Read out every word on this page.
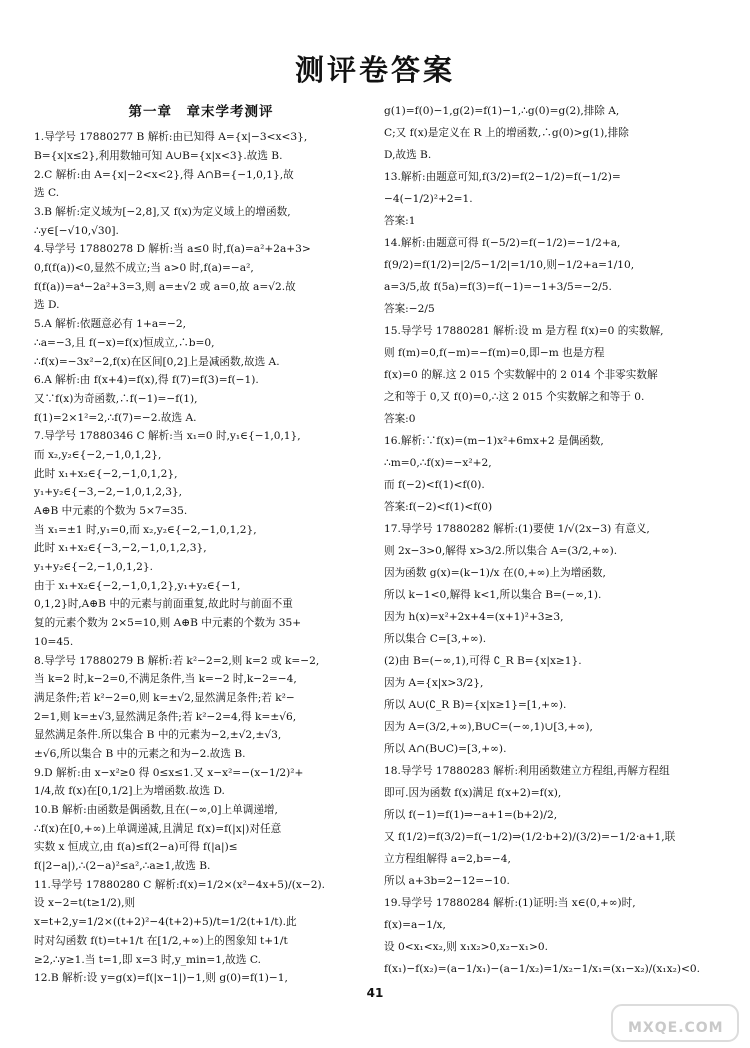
测评卷答案
第一章　章末学考测评
1.导学号 17880277 B 解析:由已知得 A={x|−3<x<3},
B={x|x≤2},利用数轴可知 A∪B={x|x<3}.故选 B.
2.C 解析:由 A={x|−2<x<2},得 A∩B={−1,0,1},故
选 C.
3.B 解析:定义域为[−2,8],又 f(x)为定义域上的增函数,
∴y∈[−√10,√30].
4.导学号 17880278 D 解析:当 a≤0 时,f(a)=a²+2a+3>
0,f(f(a))<0,显然不成立;当 a>0 时,f(a)=−a²,
f(f(a))=a⁴−2a²+3=3,则 a=±√2 或 a=0,故 a=√2.故
选 D.
5.A 解析:依题意必有 1+a=−2,
∴a=−3,且 f(−x)=f(x)恒成立,∴b=0,
∴f(x)=−3x²−2,f(x)在区间[0,2]上是减函数,故选 A.
6.A 解析:由 f(x+4)=f(x),得 f(7)=f(3)=f(−1).
又∵f(x)为奇函数,∴f(−1)=−f(1),
f(1)=2×1²=2,∴f(7)=−2.故选 A.
7.导学号 17880346 C 解析:当 x₁=0 时,y₁∈{−1,0,1},
而 x₂,y₂∈{−2,−1,0,1,2},
此时 x₁+x₂∈{−2,−1,0,1,2},
y₁+y₂∈{−3,−2,−1,0,1,2,3},
A⊕B 中元素的个数为 5×7=35.
当 x₁=±1 时,y₁=0,而 x₂,y₂∈{−2,−1,0,1,2},
此时 x₁+x₂∈{−3,−2,−1,0,1,2,3},
y₁+y₂∈{−2,−1,0,1,2}.
由于 x₁+x₂∈{−2,−1,0,1,2},y₁+y₂∈{−1,
0,1,2}时,A⊕B 中的元素与前面重复,故此时与前面不重
复的元素个数为 2×5=10,则 A⊕B 中元素的个数为 35+
10=45.
8.导学号 17880279 B 解析:若 k²−2=2,则 k=2 或 k=−2,
当 k=2 时,k−2=0,不满足条件,当 k=−2 时,k−2=−4,
满足条件;若 k²−2=0,则 k=±√2,显然满足条件;若 k²−
2=1,则 k=±√3,显然满足条件;若 k²−2=4,得 k=±√6,
显然满足条件.所以集合 B 中的元素为−2,±√2,±√3,
±√6,所以集合 B 中的元素之和为−2.故选 B.
9.D 解析:由 x−x²≥0 得 0≤x≤1.又 x−x²=−(x−1/2)²+
1/4,故 f(x)在[0,1/2]上为增函数.故选 D.
10.B 解析:由函数是偶函数,且在(−∞,0]上单调递增,
∴f(x)在[0,+∞)上单调递减,且满足 f(x)=f(|x|)对任意
实数 x 恒成立,由 f(a)≤f(2−a)可得 f(|a|)≤
f(|2−a|),∴(2−a)²≤a²,∴a≥1,故选 B.
11.导学号 17880280 C 解析:f(x)=1/2×(x²−4x+5)/(x−2).
设 x−2=t(t≥1/2),则
x=t+2,y=1/2×((t+2)²−4(t+2)+5)/t=1/2(t+1/t).此
时对勾函数 f(t)=t+1/t 在[1/2,+∞)上的图象知 t+1/t
≥2,∴y≥1.当 t=1,即 x=3 时,y_min=1,故选 C.
12.B 解析:设 y=g(x)=f(|x−1|)−1,则 g(0)=f(1)−1,
g(1)=f(0)−1,g(2)=f(1)−1,∴g(0)=g(2),排除 A,
C;又 f(x)是定义在 R 上的增函数,∴g(0)>g(1),排除
D,故选 B.
13.解析:由题意可知,f(3/2)=f(2−1/2)=f(−1/2)=
−4(−1/2)²+2=1.
答案:1
14.解析:由题意可得 f(−5/2)=f(−1/2)=−1/2+a,
f(9/2)=f(1/2)=|2/5−1/2|=1/10,则−1/2+a=1/10,
a=3/5,故 f(5a)=f(3)=f(−1)=−1+3/5=−2/5.
答案:−2/5
15.导学号 17880281 解析:设 m 是方程 f(x)=0 的实数解,
则 f(m)=0,f(−m)=−f(m)=0,即−m 也是方程
f(x)=0 的解.这 2 015 个实数解中的 2 014 个非零实数解
之和等于 0,又 f(0)=0,∴这 2 015 个实数解之和等于 0.
答案:0
16.解析:∵f(x)=(m−1)x²+6mx+2 是偶函数,
∴m=0,∴f(x)=−x²+2,
而 f(−2)<f(1)<f(0).
答案:f(−2)<f(1)<f(0)
17.导学号 17880282 解析:(1)要使 1/√(2x−3) 有意义,
则 2x−3>0,解得 x>3/2.所以集合 A=(3/2,+∞).
因为函数 g(x)=(k−1)/x 在(0,+∞)上为增函数,
所以 k−1<0,解得 k<1,所以集合 B=(−∞,1).
因为 h(x)=x²+2x+4=(x+1)²+3≥3,
所以集合 C=[3,+∞).
(2)由 B=(−∞,1),可得 ∁_R B={x|x≥1}.
因为 A={x|x>3/2},
所以 A∪(∁_R B)={x|x≥1}=[1,+∞).
因为 A=(3/2,+∞),B∪C=(−∞,1)∪[3,+∞),
所以 A∩(B∪C)=[3,+∞).
18.导学号 17880283 解析:利用函数建立方程组,再解方程组
即可.因为函数 f(x)满足 f(x+2)=f(x),
所以 f(−1)=f(1)⇒−a+1=(b+2)/2,
又 f(1/2)=f(3/2)=f(−1/2)⇒(1/2·b+2)/(3/2)=−1/2·a+1,联
立方程组解得 a=2,b=−4,
所以 a+3b=2−12=−10.
19.导学号 17880284 解析:(1)证明:当 x∈(0,+∞)时,
f(x)=a−1/x,
设 0<x₁<x₂,则 x₁x₂>0,x₂−x₁>0.
f(x₁)−f(x₂)=(a−1/x₁)−(a−1/x₂)=1/x₂−1/x₁=(x₁−x₂)/(x₁x₂)<0.
41
MXQE.COM
